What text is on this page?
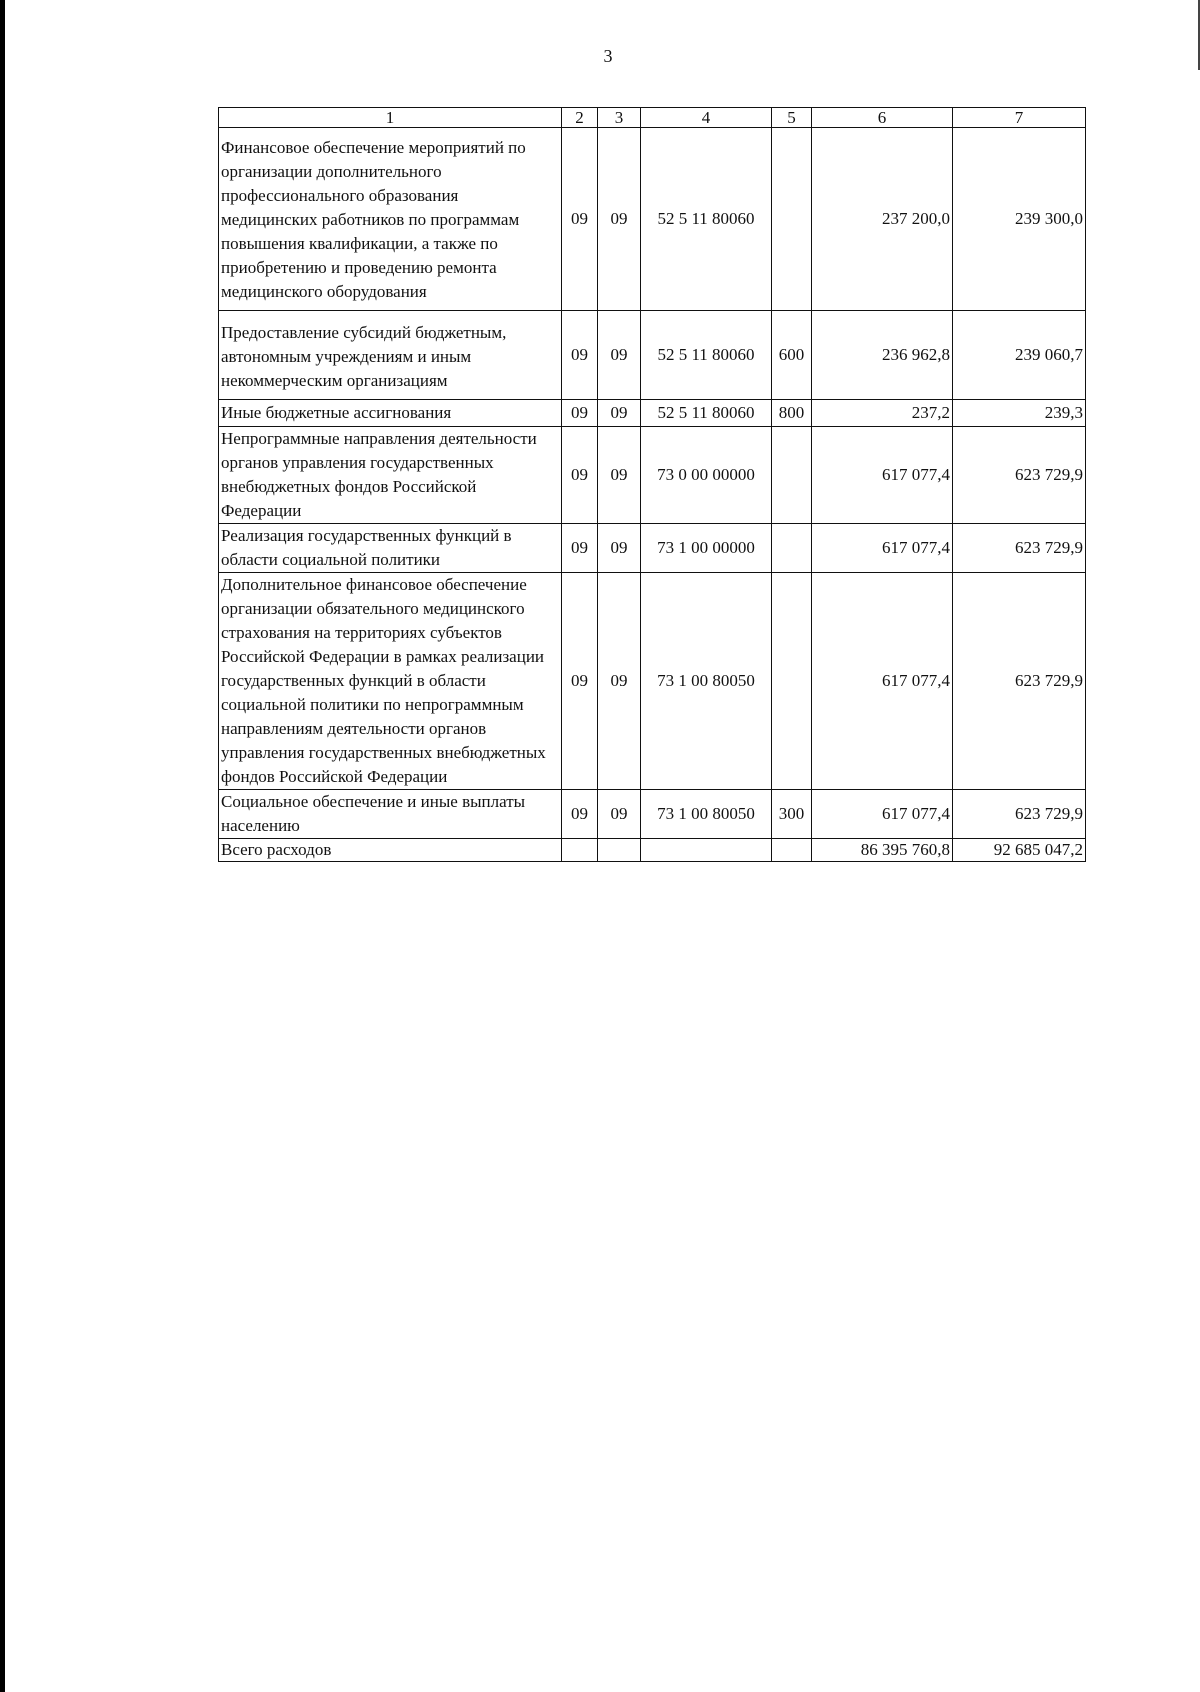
3
1	2	3	4	5	6	7
Финансовое обеспечение мероприятий по организации дополнительного профессионального образования медицинских работников по программам повышения квалификации, а также по приобретению и проведению ремонта медицинского оборудования	09	09	52 5 11 80060		237 200,0	239 300,0
Предоставление субсидий бюджетным, автономным учреждениям и иным некоммерческим организациям	09	09	52 5 11 80060	600	236 962,8	239 060,7
Иные бюджетные ассигнования	09	09	52 5 11 80060	800	237,2	239,3
Непрограммные направления деятельности органов управления государственных внебюджетных фондов Российской Федерации	09	09	73 0 00 00000		617 077,4	623 729,9
Реализация государственных функций в области социальной политики	09	09	73 1 00 00000		617 077,4	623 729,9
Дополнительное финансовое обеспечение организации обязательного медицинского страхования на территориях субъектов Российской Федерации в рамках реализации государственных функций в области социальной политики по непрограммным направлениям деятельности органов управления государственных внебюджетных фондов Российской Федерации	09	09	73 1 00 80050		617 077,4	623 729,9
Социальное обеспечение и иные выплаты населению	09	09	73 1 00 80050	300	617 077,4	623 729,9
Всего расходов					86 395 760,8	92 685 047,2
